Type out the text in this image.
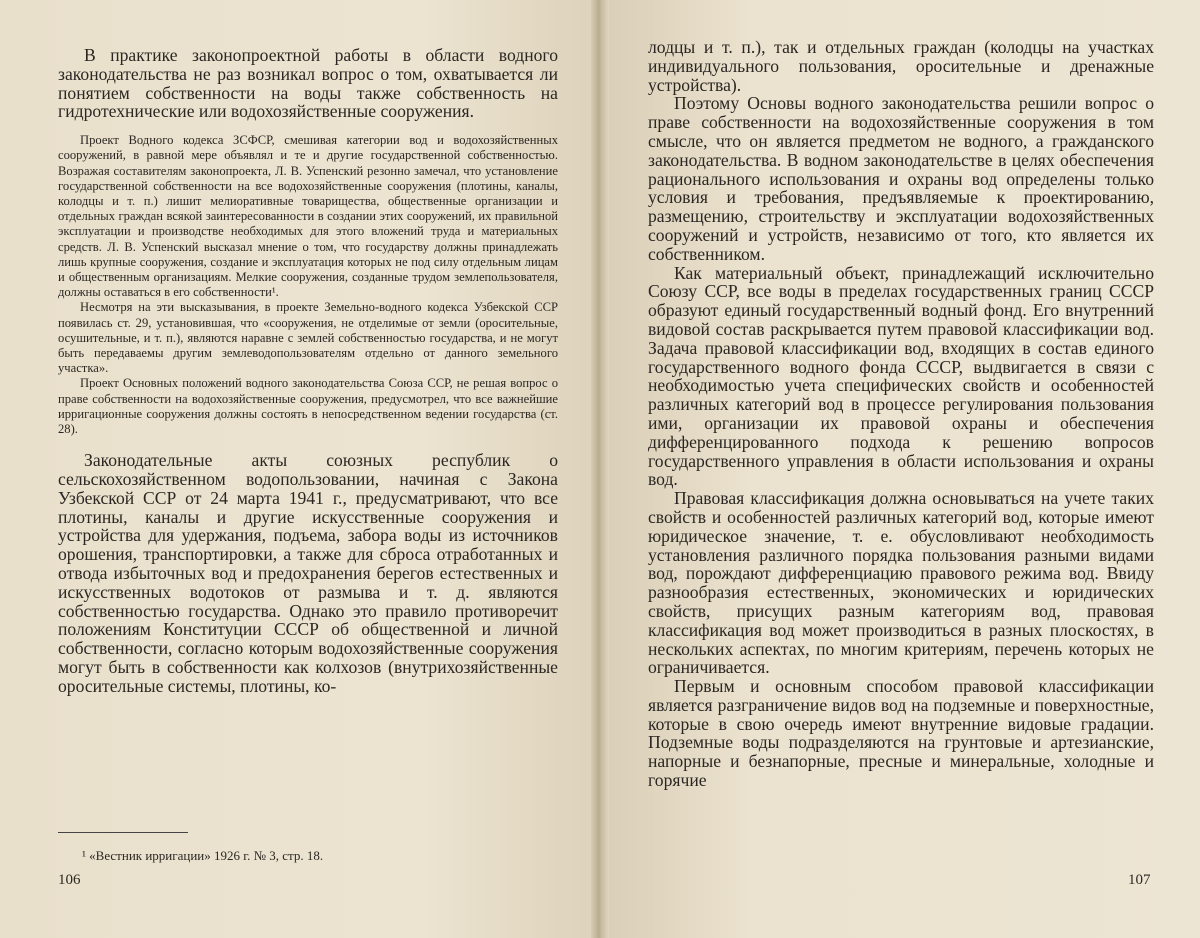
В практике законопроектной работы в области водного законодательства не раз возникал вопрос о том, охватывается ли понятием собственности на воды также собственность на гидротехнические или водохозяйственные сооружения.

Проект Водного кодекса ЗСФСР, смешивая категории вод и водохозяйственных сооружений, в равной мере объявлял и те и другие государственной собственностью. Возражая составителям законопроекта, Л. В. Успенский резонно замечал, что установление государственной собственности на все водохозяйственные сооружения (плотины, каналы, колодцы и т. п.) лишит мелиоративные товарищества, общественные организации и отдельных граждан всякой заинтересованности в создании этих сооружений, их правильной эксплуатации и производстве необходимых для этого вложений труда и материальных средств. Л. В. Успенский высказал мнение о том, что государству должны принадлежать лишь крупные сооружения, создание и эксплуатация которых не под силу отдельным лицам и общественным организациям. Мелкие сооружения, созданные трудом землепользователя, должны оставаться в его собственности¹.

Несмотря на эти высказывания, в проекте Земельно-водного кодекса Узбекской ССР появилась ст. 29, установившая, что «сооружения, не отделимые от земли (оросительные, осушительные, и т. п.), являются наравне с землей собственностью государства, и не могут быть передаваемы другим землеводопользователям отдельно от данного земельного участка».

Проект Основных положений водного законодательства Союза ССР, не решая вопрос о праве собственности на водохозяйственные сооружения, предусмотрел, что все важнейшие ирригационные сооружения должны состоять в непосредственном ведении государства (ст. 28).

Законодательные акты союзных республик о сельскохозяйственном водопользовании, начиная с Закона Узбекской ССР от 24 марта 1941 г., предусматривают, что все плотины, каналы и другие искусственные сооружения и устройства для удержания, подъема, забора воды из источников орошения, транспортировки, а также для сброса отработанных и отвода избыточных вод и предохранения берегов естественных и искусственных водотоков от размыва и т. д. являются собственностью государства. Однако это правило противоречит положениям Конституции СССР об общественной и личной собственности, согласно которым водохозяйственные сооружения могут быть в собственности как колхозов (внутрихозяйственные оросительные системы, плотины, ко-

¹ «Вестник ирригации» 1926 г. № 3, стр. 18.
106

лодцы и т. п.), так и отдельных граждан (колодцы на участках индивидуального пользования, оросительные и дренажные устройства).

Поэтому Основы водного законодательства решили вопрос о праве собственности на водохозяйственные сооружения в том смысле, что он является предметом не водного, а гражданского законодательства. В водном законодательстве в целях обеспечения рационального использования и охраны вод определены только условия и требования, предъявляемые к проектированию, размещению, строительству и эксплуатации водохозяйственных сооружений и устройств, независимо от того, кто является их собственником.

Как материальный объект, принадлежащий исключительно Союзу ССР, все воды в пределах государственных границ СССР образуют единый государственный водный фонд. Его внутренний видовой состав раскрывается путем правовой классификации вод. Задача правовой классификации вод, входящих в состав единого государственного водного фонда СССР, выдвигается в связи с необходимостью учета специфических свойств и особенностей различных категорий вод в процессе регулирования пользования ими, организации их правовой охраны и обеспечения дифференцированного подхода к решению вопросов государственного управления в области использования и охраны вод.

Правовая классификация должна основываться на учете таких свойств и особенностей различных категорий вод, которые имеют юридическое значение, т. е. обусловливают необходимость установления различного порядка пользования разными видами вод, порождают дифференциацию правового режима вод. Ввиду разнообразия естественных, экономических и юридических свойств, присущих разным категориям вод, правовая классификация вод может производиться в разных плоскостях, в нескольких аспектах, по многим критериям, перечень которых не ограничивается.

Первым и основным способом правовой классификации является разграничение видов вод на подземные и поверхностные, которые в свою очередь имеют внутренние видовые градации. Подземные воды подразделяются на грунтовые и артезианские, напорные и безнапорные, пресные и минеральные, холодные и горячие

107
